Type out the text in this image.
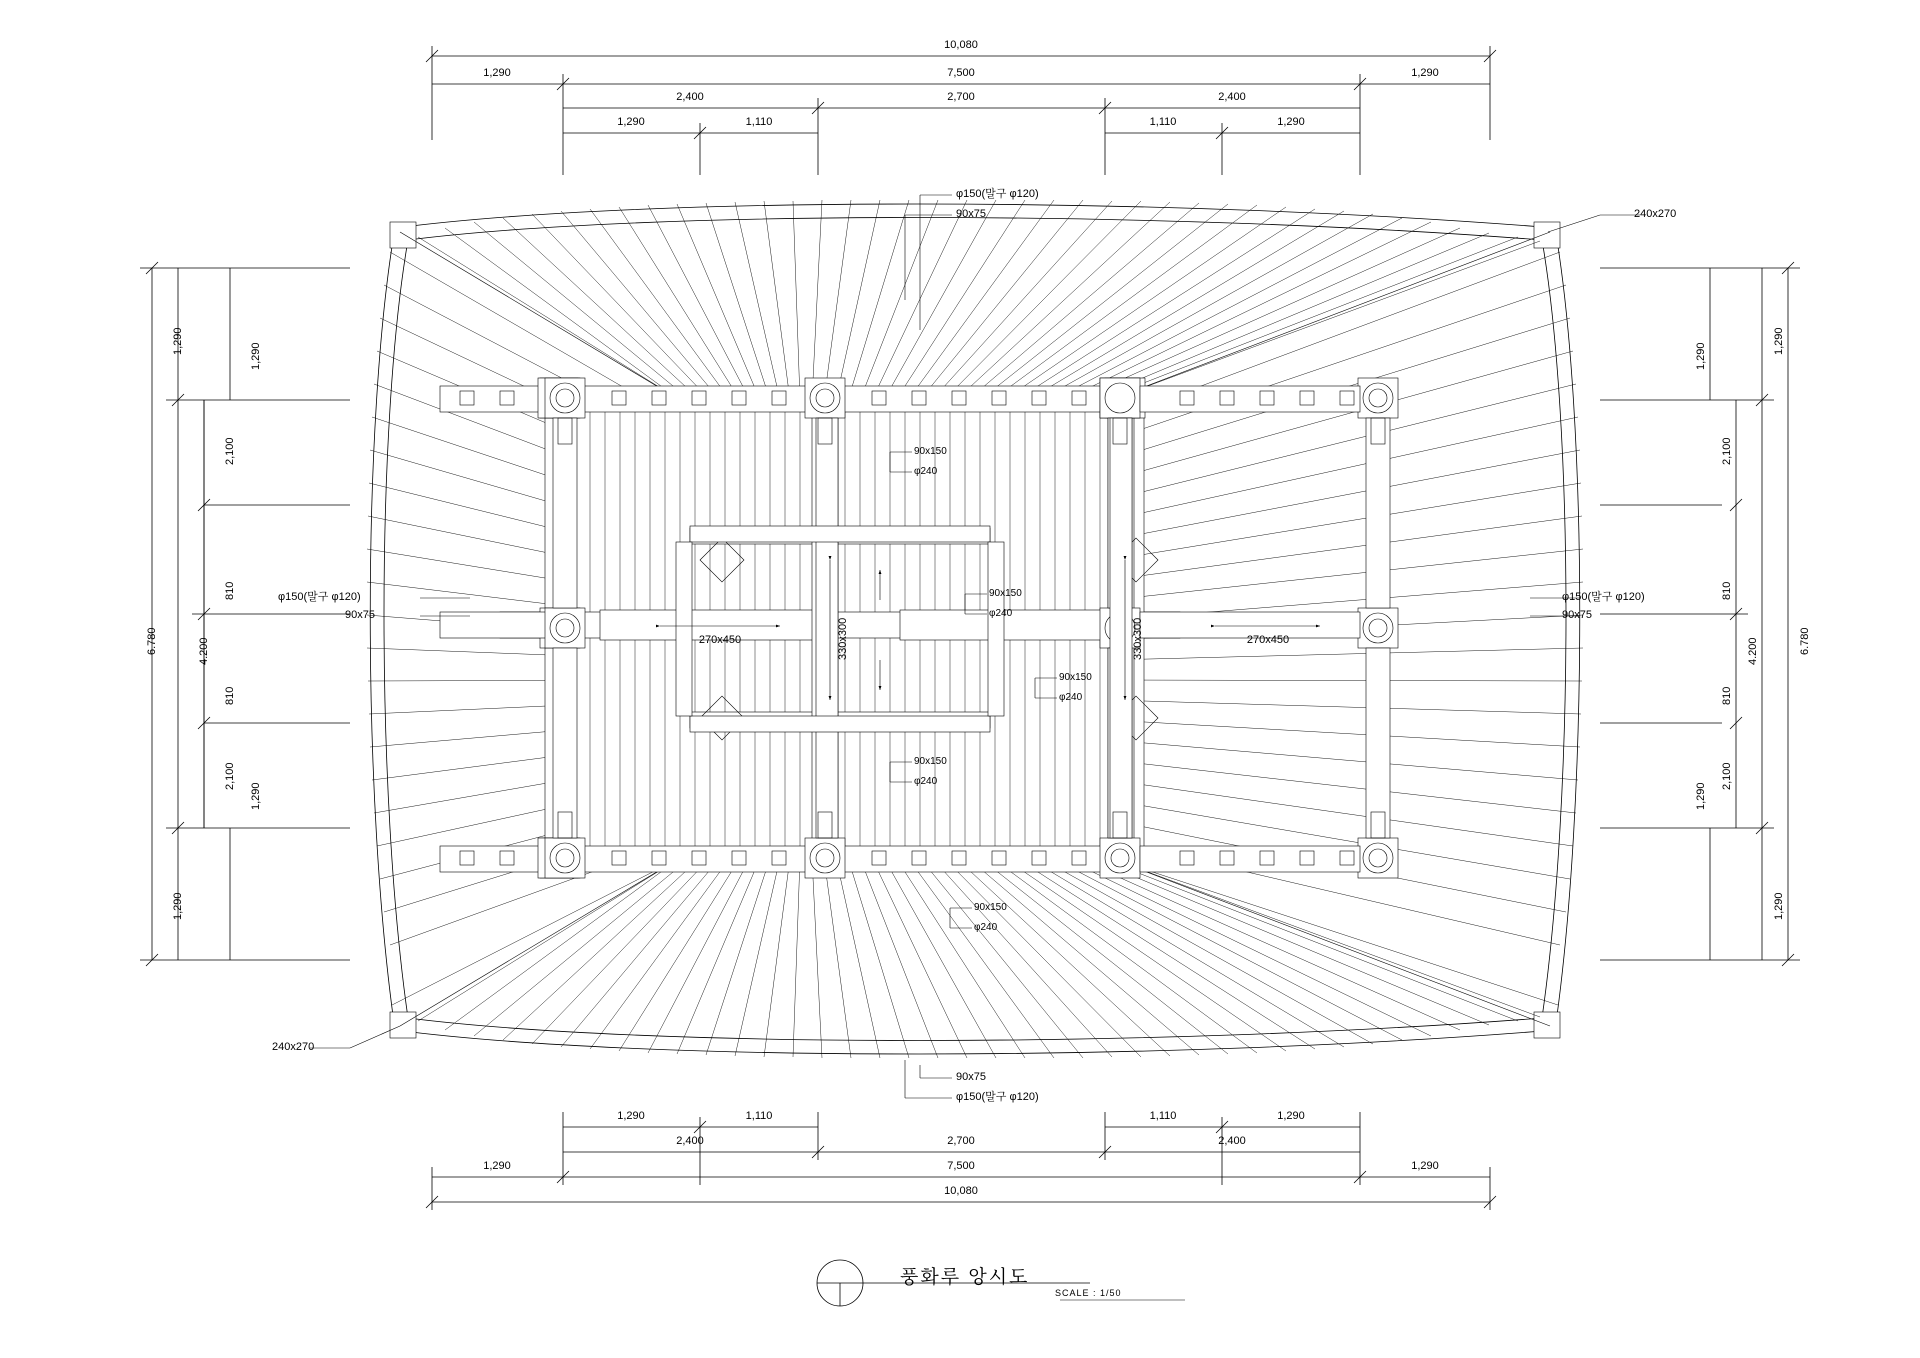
10,080
1,290	7,500	1,290
2,400	2,700	2,400
1,290	1,110	1,110	1,290
1,290	1,110	1,110	1,290
2,400	2,700	2,400
1,290	7,500	1,290
10,080
6.780
1,290
4.200
1,290
2,100
2,100
810
810
1,290
1,290
6.780
1,290
4.200
1,290
2,100
2,100
810
810
1,290
1,290
φ150(말구 φ120)
90x75	240x270
240x270
90x75
φ150(말구 φ120)
φ150(말구 φ120)
90x75
φ150(말구 φ120)
90x75
90x150
φ240
90x150
φ240
90x150
φ240
90x150
φ240
90x150
φ240
270x450	270x450
330x300	330x300
풍화루 앙시도
SCALE : 1/50
